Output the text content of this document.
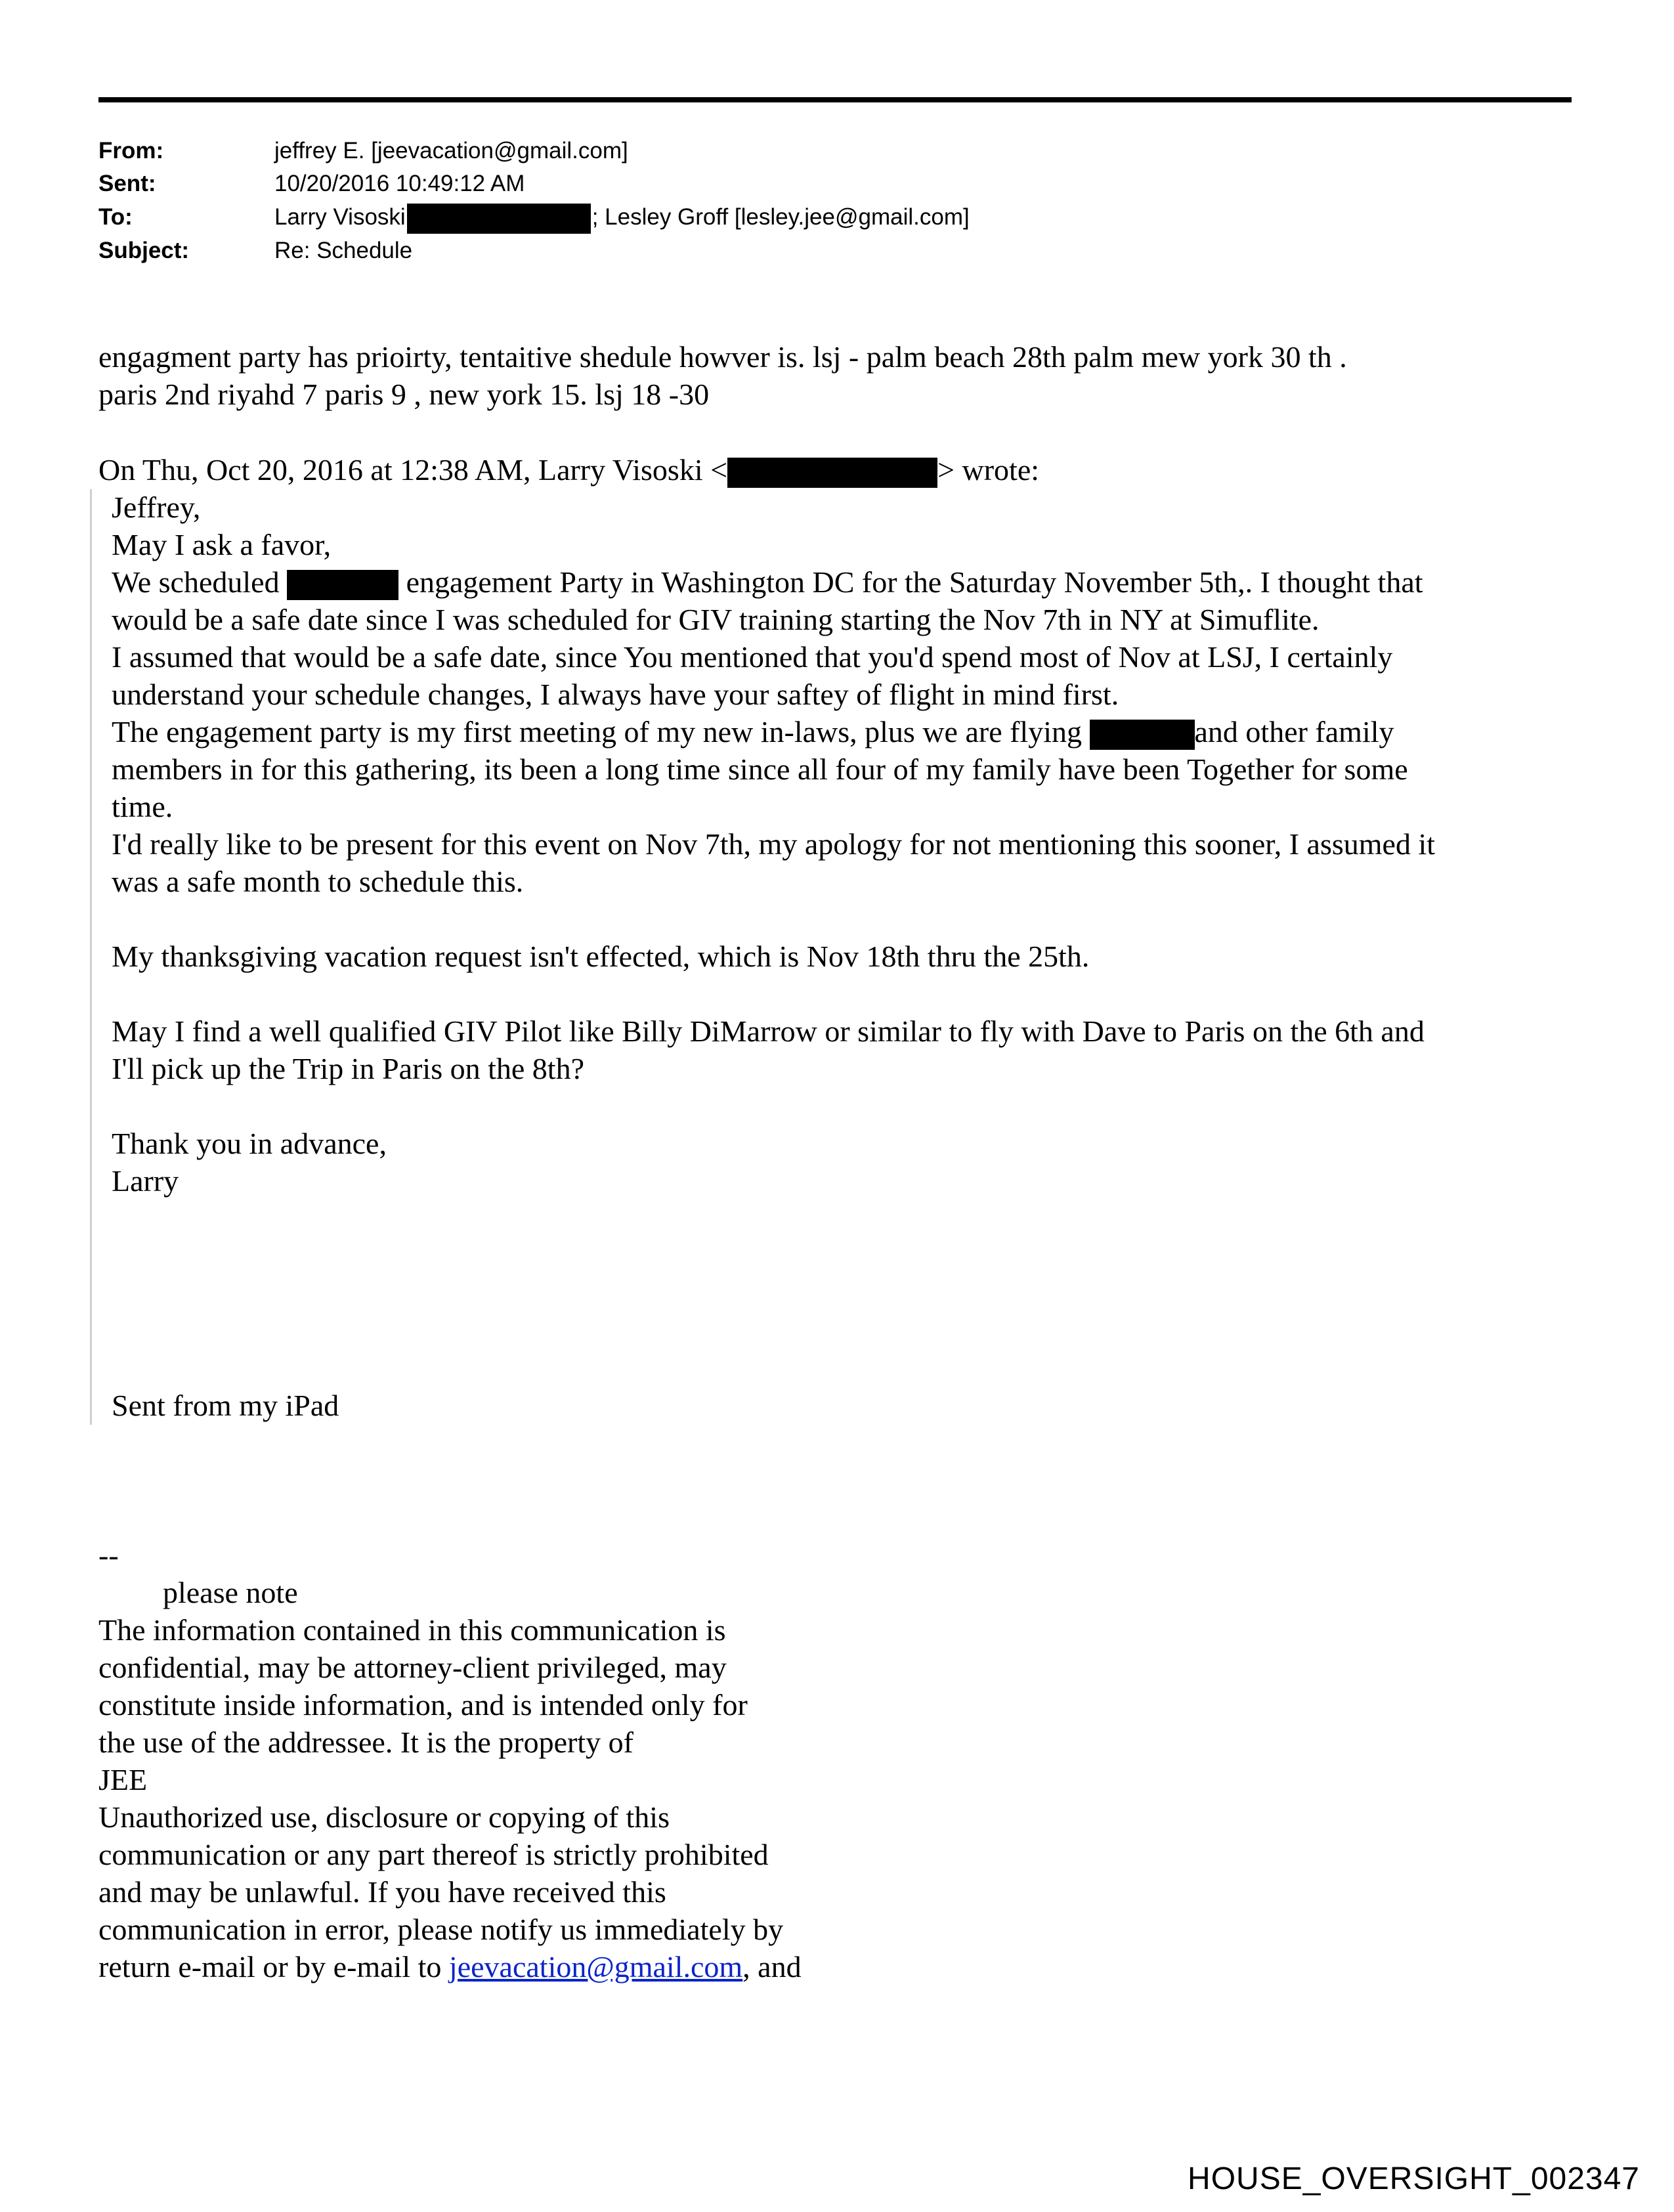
From:	jeffrey E. [jeevacation@gmail.com]
Sent:	10/20/2016 10:49:12 AM
To:	Larry Visoski	; Lesley Groff [lesley.jee@gmail.com]
Subject:	Re: Schedule
engagment party has prioirty, tentaitive shedule howver is. lsj - palm beach 28th palm mew york 30 th .
paris 2nd riyahd 7 paris 9 , new york 15. lsj 18 -30
On Thu, Oct 20, 2016 at 12:38 AM, Larry Visoski <	> wrote:
Jeffrey,
May I ask a favor,
We scheduled	engagement Party in Washington DC for the Saturday November 5th,. I thought that
would be a safe date since I was scheduled for GIV training starting the Nov 7th in NY at Simuflite.
I assumed that would be a safe date, since You mentioned that you'd spend most of Nov at LSJ, I certainly
understand your schedule changes, I always have your saftey of flight in mind first.
The engagement party is my first meeting of my new in-laws, plus we are flying	and other family
members in for this gathering, its been a long time since all four of my family have been Together for some
time.
I'd really like to be present for this event on Nov 7th, my apology for not mentioning this sooner, I assumed it
was a safe month to schedule this.
My thanksgiving vacation request isn't effected, which is Nov 18th thru the 25th.
May I find a well qualified GIV Pilot like Billy DiMarrow or similar to fly with Dave to Paris on the 6th and
I'll pick up the Trip in Paris on the 8th?
Thank you in advance,
Larry
Sent from my iPad
--
please note
The information contained in this communication is
confidential, may be attorney-client privileged, may
constitute inside information, and is intended only for
the use of the addressee. It is the property of
JEE
Unauthorized use, disclosure or copying of this
communication or any part thereof is strictly prohibited
and may be unlawful. If you have received this
communication in error, please notify us immediately by
return e-mail or by e-mail to jeevacation@gmail.com, and
HOUSE_OVERSIGHT_002347
